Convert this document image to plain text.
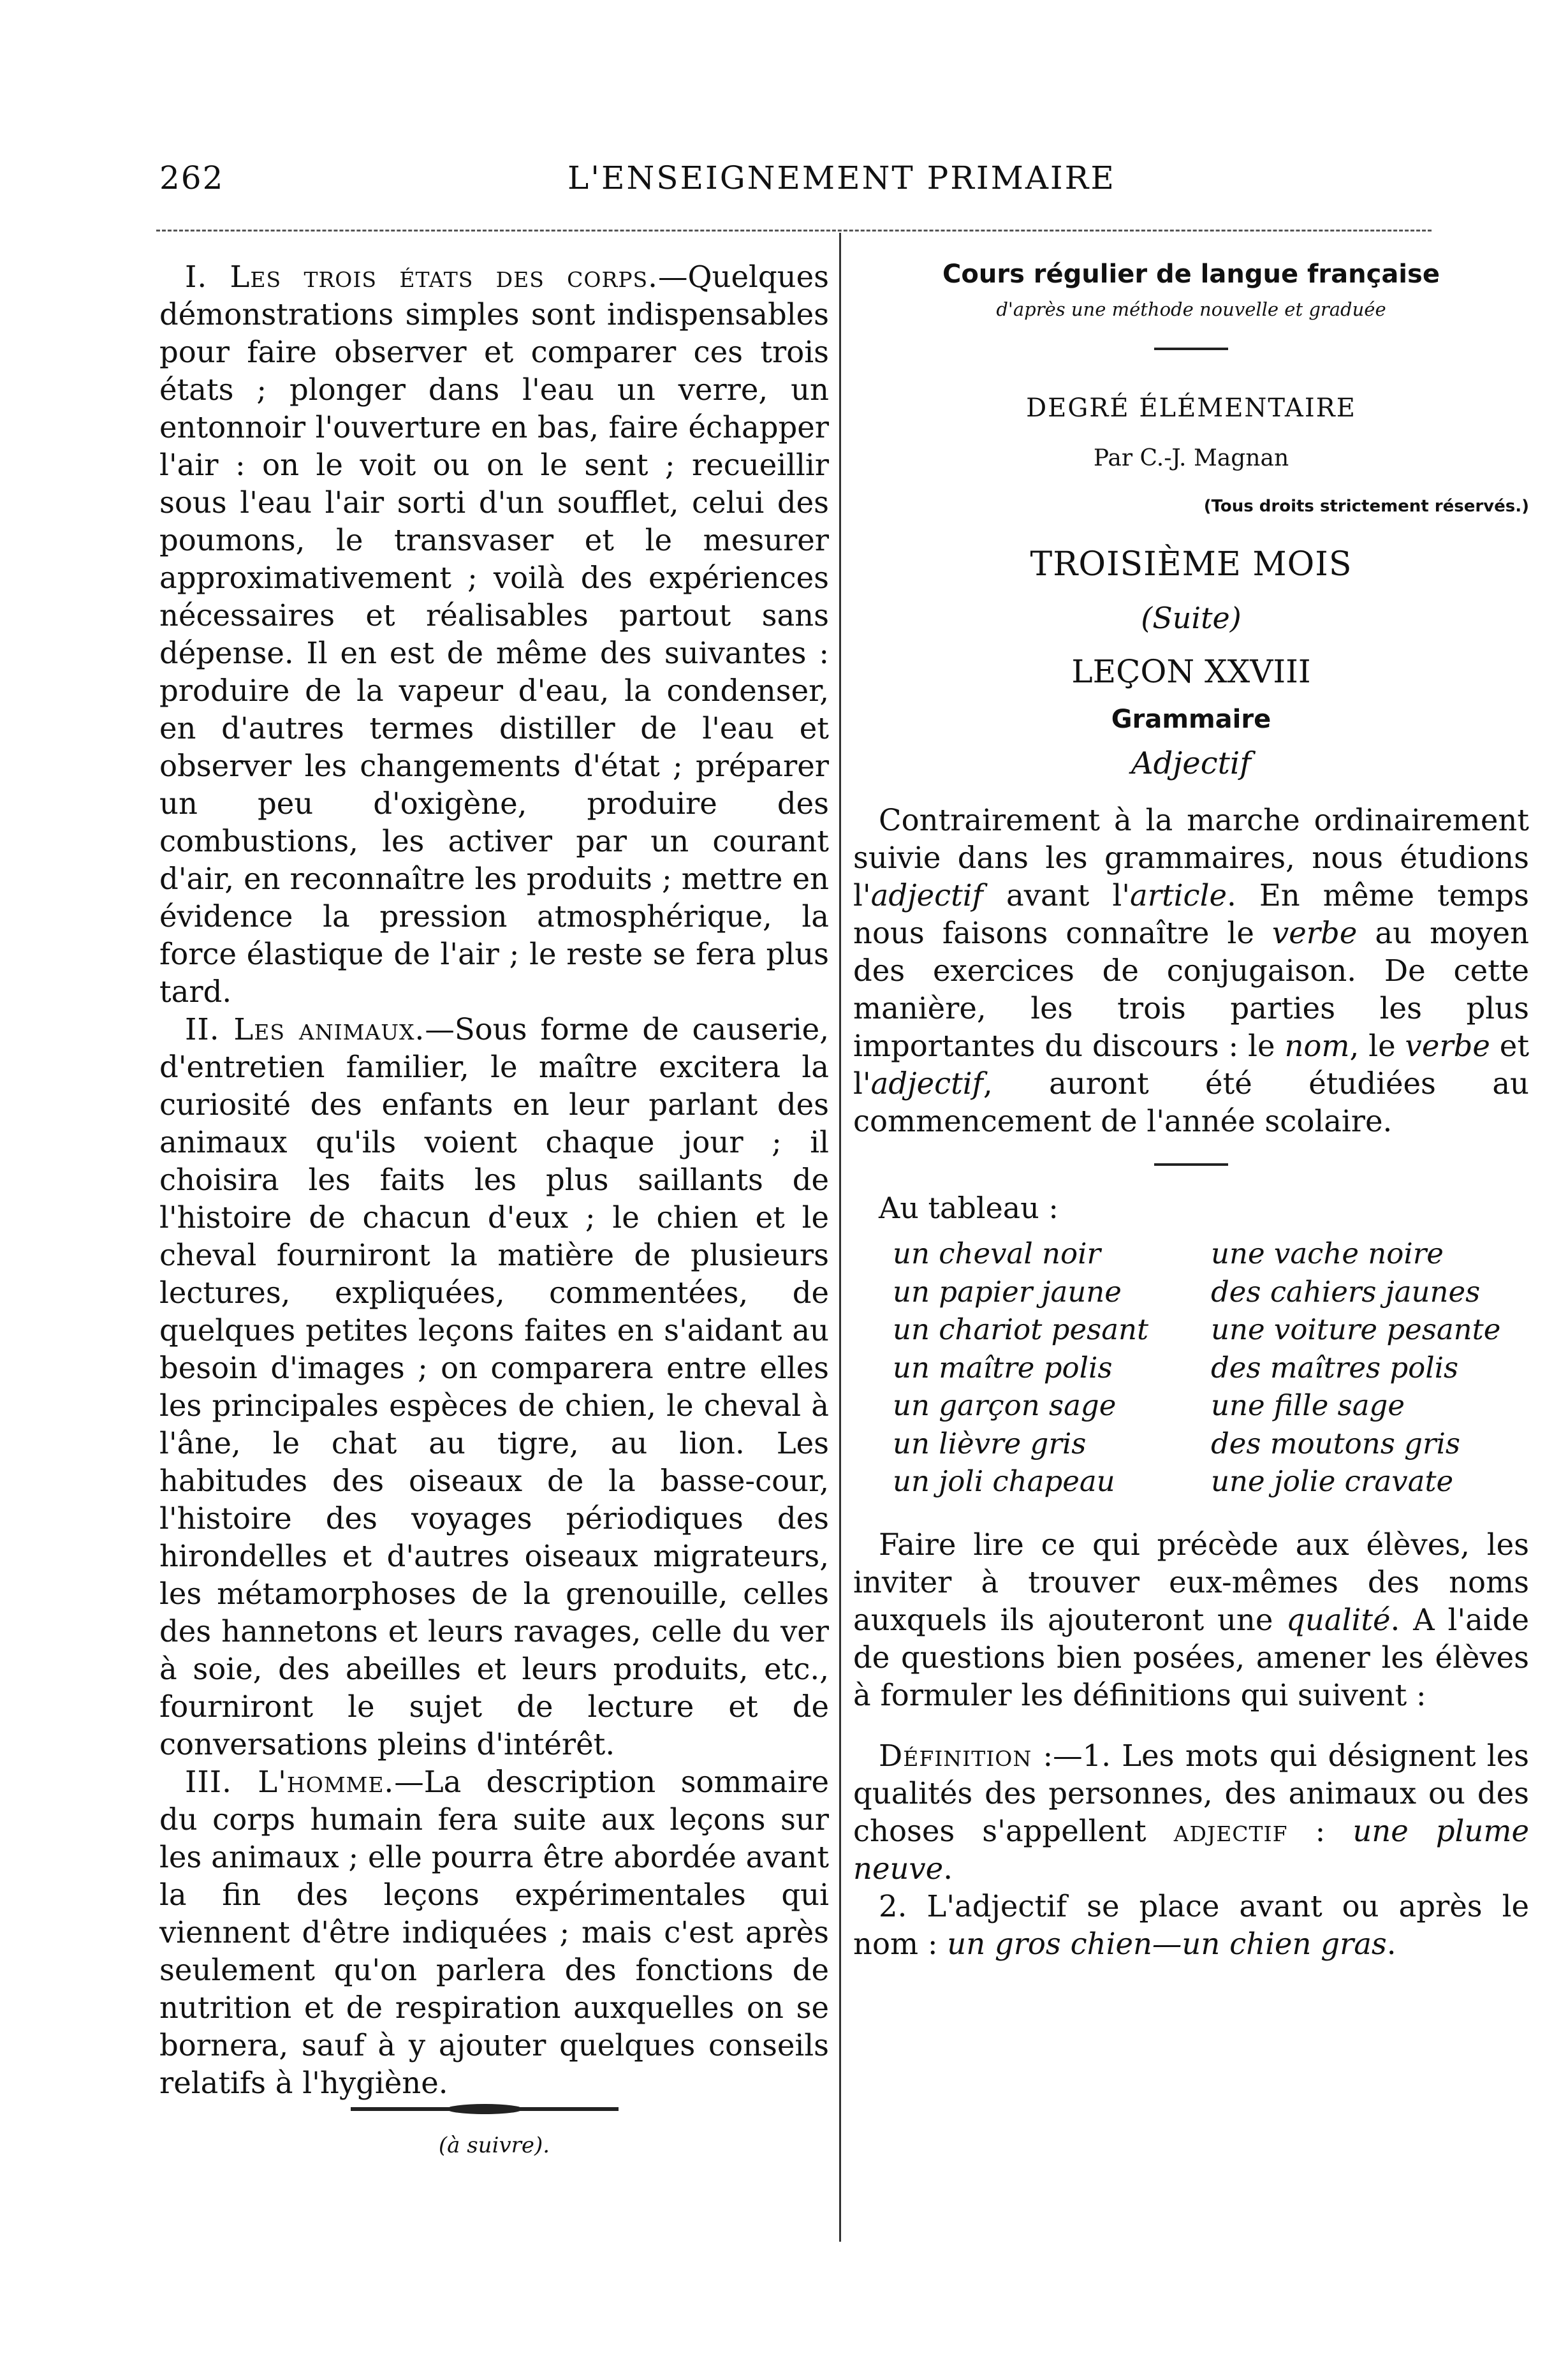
262	L'ENSEIGNEMENT PRIMAIRE

I. Les trois états des corps.—Quelques démonstrations simples sont indispensables pour faire observer et comparer ces trois états ; plonger dans l'eau un verre, un entonnoir l'ouverture en bas, faire échapper l'air : on le voit ou on le sent ; recueillir sous l'eau l'air sorti d'un soufflet, celui des poumons, le transvaser et le mesurer approximativement ; voilà des expériences nécessaires et réalisables partout sans dépense. Il en est de même des suivantes : produire de la vapeur d'eau, la condenser, en d'autres termes distiller de l'eau et observer les changements d'état ; préparer un peu d'oxigène, produire des combustions, les activer par un courant d'air, en reconnaître les produits ; mettre en évidence la pression atmosphérique, la force élastique de l'air ; le reste se fera plus tard.

II. Les animaux.—Sous forme de causerie, d'entretien familier, le maître excitera la curiosité des enfants en leur parlant des animaux qu'ils voient chaque jour ; il choisira les faits les plus saillants de l'histoire de chacun d'eux ; le chien et le cheval fourniront la matière de plusieurs lectures, expliquées, commentées, de quelques petites leçons faites en s'aidant au besoin d'images ; on comparera entre elles les principales espèces de chien, le cheval à l'âne, le chat au tigre, au lion. Les habitudes des oiseaux de la basse-cour, l'histoire des voyages périodiques des hirondelles et d'autres oiseaux migrateurs, les métamorphoses de la grenouille, celles des hannetons et leurs ravages, celle du ver à soie, des abeilles et leurs produits, etc., fourniront le sujet de lecture et de conversations pleins d'intérêt.

III. L'homme.—La description sommaire du corps humain fera suite aux leçons sur les animaux ; elle pourra être abordée avant la fin des leçons expérimentales qui viennent d'être indiquées ; mais c'est après seulement qu'on parlera des fonctions de nutrition et de respiration auxquelles on se bornera, sauf à y ajouter quelques conseils relatifs à l'hygiène.

(à suivre).

Cours régulier de langue française

d'après une méthode nouvelle et graduée

DEGRÉ ÉLÉMENTAIRE

Par C.-J. Magnan

(Tous droits strictement réservés.)

TROISIÈME MOIS

(Suite)

LEÇON XXVIII

Grammaire

Adjectif

Contrairement à la marche ordinairement suivie dans les grammaires, nous étudions l'adjectif avant l'article. En même temps nous faisons connaître le verbe au moyen des exercices de conjugaison. De cette manière, les trois parties les plus importantes du discours : le nom, le verbe et l'adjectif, auront été étudiées au commencement de l'année scolaire.

Au tableau :
un cheval noir
un papier jaune
un chariot pesant
un maître polis
un garçon sage
un lièvre gris
un joli chapeau
une vache noire
des cahiers jaunes
une voiture pesante
des maîtres polis
une fille sage
des moutons gris
une jolie cravate

Faire lire ce qui précède aux élèves, les inviter à trouver eux-mêmes des noms auxquels ils ajouteront une qualité. A l'aide de questions bien posées, amener les élèves à formuler les définitions qui suivent :

Définition :—1. Les mots qui désignent les qualités des personnes, des animaux ou des choses s'appellent adjectif : une plume neuve.

2. L'adjectif se place avant ou après le nom : un gros chien—un chien gras.
